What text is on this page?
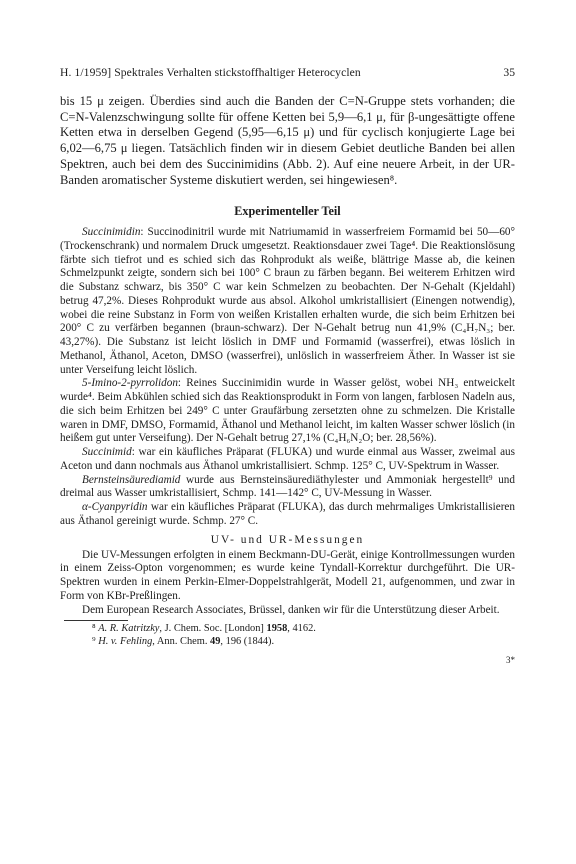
H. 1/1959] Spektrales Verhalten stickstoffhaltiger Heterocyclen	35

bis 15 μ zeigen. Überdies sind auch die Banden der C=N-Gruppe stets vorhanden; die C=N-Valenzschwingung sollte für offene Ketten bei 5,9—6,1 μ, für β-ungesättigte offene Ketten etwa in derselben Gegend (5,95—6,15 μ) und für cyclisch konjugierte Lage bei 6,02—6,75 μ liegen. Tatsächlich finden wir in diesem Gebiet deutliche Banden bei allen Spektren, auch bei dem des Succinimidins (Abb. 2). Auf eine neuere Arbeit, in der UR-Banden aromatischer Systeme diskutiert werden, sei hingewiesen⁸.

Experimenteller Teil

Succinimidin: Succinodinitril wurde mit Natriumamid in wasserfreiem Formamid bei 50—60° (Trockenschrank) und normalem Druck umgesetzt. Reaktionsdauer zwei Tage⁴. Die Reaktionslösung färbte sich tiefrot und es schied sich das Rohprodukt als weiße, blättrige Masse ab, die keinen Schmelzpunkt zeigte, sondern sich bei 100° C braun zu färben begann. Bei weiterem Erhitzen wird die Substanz schwarz, bis 350° C war kein Schmelzen zu beobachten. Der N-Gehalt (Kjeldahl) betrug 47,2%. Dieses Rohprodukt wurde aus absol. Alkohol umkristallisiert (Einengen notwendig), wobei die reine Substanz in Form von weißen Kristallen erhalten wurde, die sich beim Erhitzen bei 200° C zu verfärben begannen (braun-schwarz). Der N-Gehalt betrug nun 41,9% (C₄H₇N₃; ber. 43,27%). Die Substanz ist leicht löslich in DMF und Formamid (wasserfrei), etwas löslich in Methanol, Äthanol, Aceton, DMSO (wasserfrei), unlöslich in wasserfreiem Äther. In Wasser ist sie unter Verseifung leicht löslich.

5-Imino-2-pyrrolidon: Reines Succinimidin wurde in Wasser gelöst, wobei NH₃ entweickelt wurde⁴. Beim Abkühlen schied sich das Reaktionsprodukt in Form von langen, farblosen Nadeln aus, die sich beim Erhitzen bei 249° C unter Graufärbung zersetzten ohne zu schmelzen. Die Kristalle waren in DMF, DMSO, Formamid, Äthanol und Methanol leicht, im kalten Wasser schwer löslich (in heißem gut unter Verseifung). Der N-Gehalt betrug 27,1% (C₄H₆N₂O; ber. 28,56%).

Succinimid: war ein käufliches Präparat (FLUKA) und wurde einmal aus Wasser, zweimal aus Aceton und dann nochmals aus Äthanol umkristallisiert. Schmp. 125° C, UV-Spektrum in Wasser.

Bernsteinsäurediamid wurde aus Bernsteinsäurediäthylester und Ammoniak hergestellt⁹ und dreimal aus Wasser umkristallisiert, Schmp. 141—142° C, UV-Messung in Wasser.

α-Cyanpyridin war ein käufliches Präparat (FLUKA), das durch mehrmaliges Umkristallisieren aus Äthanol gereinigt wurde. Schmp. 27° C.

UV- und UR-Messungen

Die UV-Messungen erfolgten in einem Beckmann-DU-Gerät, einige Kontrollmessungen wurden in einem Zeiss-Opton vorgenommen; es wurde keine Tyndall-Korrektur durchgeführt. Die UR-Spektren wurden in einem Perkin-Elmer-Doppelstrahlgerät, Modell 21, aufgenommen, und zwar in Form von KBr-Preßlingen.

Dem European Research Associates, Brüssel, danken wir für die Unterstützung dieser Arbeit.

⁸ A. R. Katritzky, J. Chem. Soc. [London] 1958, 4162.

⁹ H. v. Fehling, Ann. Chem. 49, 196 (1844).

3*
